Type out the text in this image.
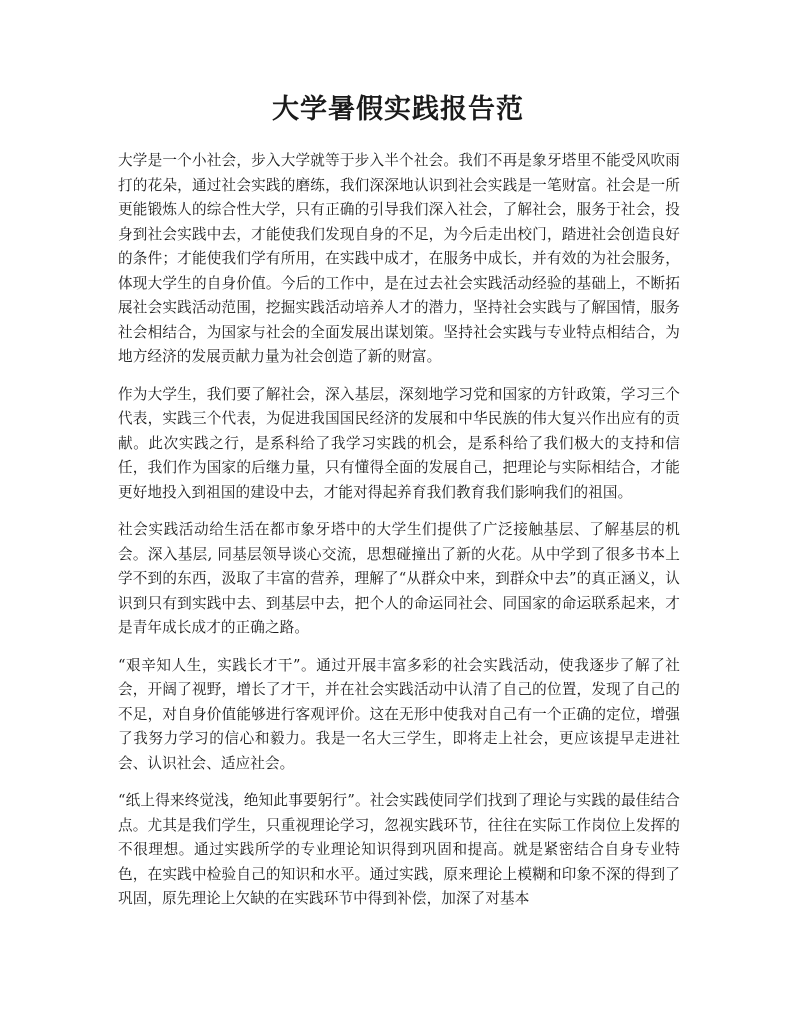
大学暑假实践报告范

大学是一个小社会，步入大学就等于步入半个社会。我们不再是象牙塔里不能受风吹雨打的花朵，通过社会实践的磨练，我们深深地认识到社会实践是一笔财富。社会是一所更能锻炼人的综合性大学，只有正确的引导我们深入社会，了解社会，服务于社会，投身到社会实践中去，才能使我们发现自身的不足，为今后走出校门，踏进社会创造良好的条件；才能使我们学有所用，在实践中成才，在服务中成长，并有效的为社会服务，体现大学生的自身价值。今后的工作中，是在过去社会实践活动经验的基础上，不断拓展社会实践活动范围，挖掘实践活动培养人才的潜力，坚持社会实践与了解国情，服务社会相结合，为国家与社会的全面发展出谋划策。坚持社会实践与专业特点相结合，为地方经济的发展贡献力量为社会创造了新的财富。

作为大学生，我们要了解社会，深入基层，深刻地学习党和国家的方针政策，学习三个代表，实践三个代表，为促进我国国民经济的发展和中华民族的伟大复兴作出应有的贡献。此次实践之行，是系科给了我学习实践的机会，是系科给了我们极大的支持和信任，我们作为国家的后继力量，只有懂得全面的发展自己，把理论与实际相结合，才能更好地投入到祖国的建设中去，才能对得起养育我们教育我们影响我们的祖国。

社会实践活动给生活在都市象牙塔中的大学生们提供了广泛接触基层、了解基层的机会。深入基层, 同基层领导谈心交流，思想碰撞出了新的火花。从中学到了很多书本上学不到的东西，汲取了丰富的营养，理解了“从群众中来，到群众中去”的真正涵义，认识到只有到实践中去、到基层中去，把个人的命运同社会、同国家的命运联系起来，才是青年成长成才的正确之路。

“艰辛知人生，实践长才干”。通过开展丰富多彩的社会实践活动，使我逐步了解了社会，开阔了视野，增长了才干，并在社会实践活动中认清了自己的位置，发现了自己的不足，对自身价值能够进行客观评价。这在无形中使我对自己有一个正确的定位，增强了我努力学习的信心和毅力。我是一名大三学生，即将走上社会，更应该提早走进社会、认识社会、适应社会。

“纸上得来终觉浅，绝知此事要躬行”。社会实践使同学们找到了理论与实践的最佳结合点。尤其是我们学生，只重视理论学习，忽视实践环节，往往在实际工作岗位上发挥的不很理想。通过实践所学的专业理论知识得到巩固和提高。就是紧密结合自身专业特色，在实践中检验自己的知识和水平。通过实践，原来理论上模糊和印象不深的得到了巩固，原先理论上欠缺的在实践环节中得到补偿，加深了对基本
